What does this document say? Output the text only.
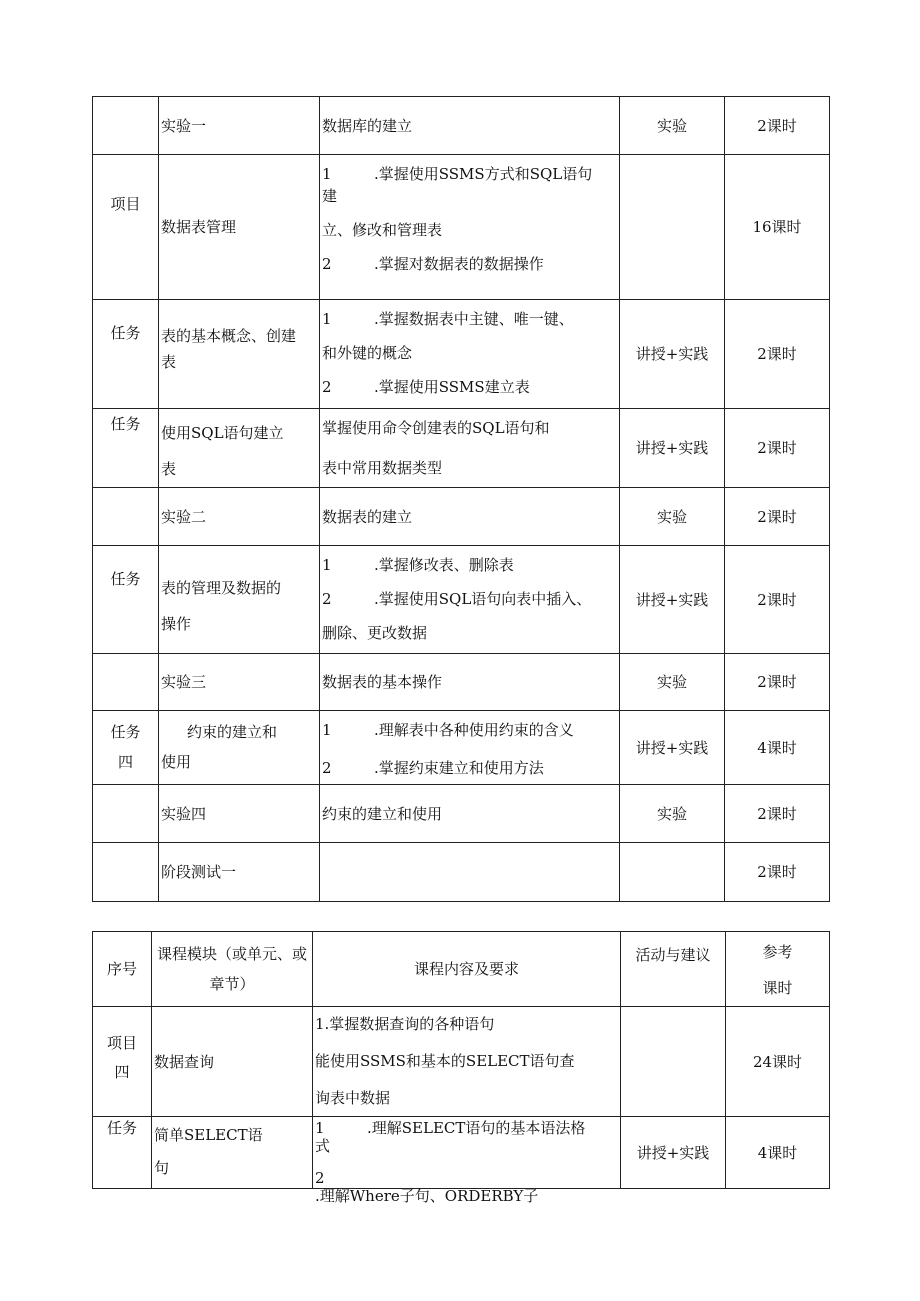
	实验一	数据库的建立	实验	2课时
项目	数据表管理	1 .掌握使用SSMS方式和SQL语句
建
立、修改和管理表
2 .掌握对数据表的数据操作		16课时
任务	表的基本概念、创建表	1 .掌握数据表中主键、唯一键、
和外键的概念
2 .掌握使用SSMS建立表	讲授+实践	2课时
任务	使用SQL语句建立表	掌握使用命令创建表的SQL语句和
表中常用数据类型	讲授+实践	2课时
	实验二	数据表的建立	实验	2课时
任务	表的管理及数据的操作	1 .掌握修改表、删除表
2 .掌握使用SQL语句向表中插入、
删除、更改数据	讲授+实践	2课时
	实验三	数据表的基本操作	实验	2课时

任务四	约束的建立和使用	1 .理解表中各种使用约束的含义
2 .掌握约束建立和使用方法	讲授+实践	4课时
	实验四	约束的建立和使用	实验	2课时
	阶段测试一			2课时
序号	课程模块（或单元、或章节）	课程内容及要求	活动与建议	参考
课时

项目四	数据查询	1.掌握数据查询的各种语句
能使用SSMS和基本的SELECT语句查
询表中数据		24课时
任务	简单SELECT语句	1 .理解SELECT语句的基本语法格
式
2
.理解Where子句、ORDERBY子	讲授+实践	4课时
